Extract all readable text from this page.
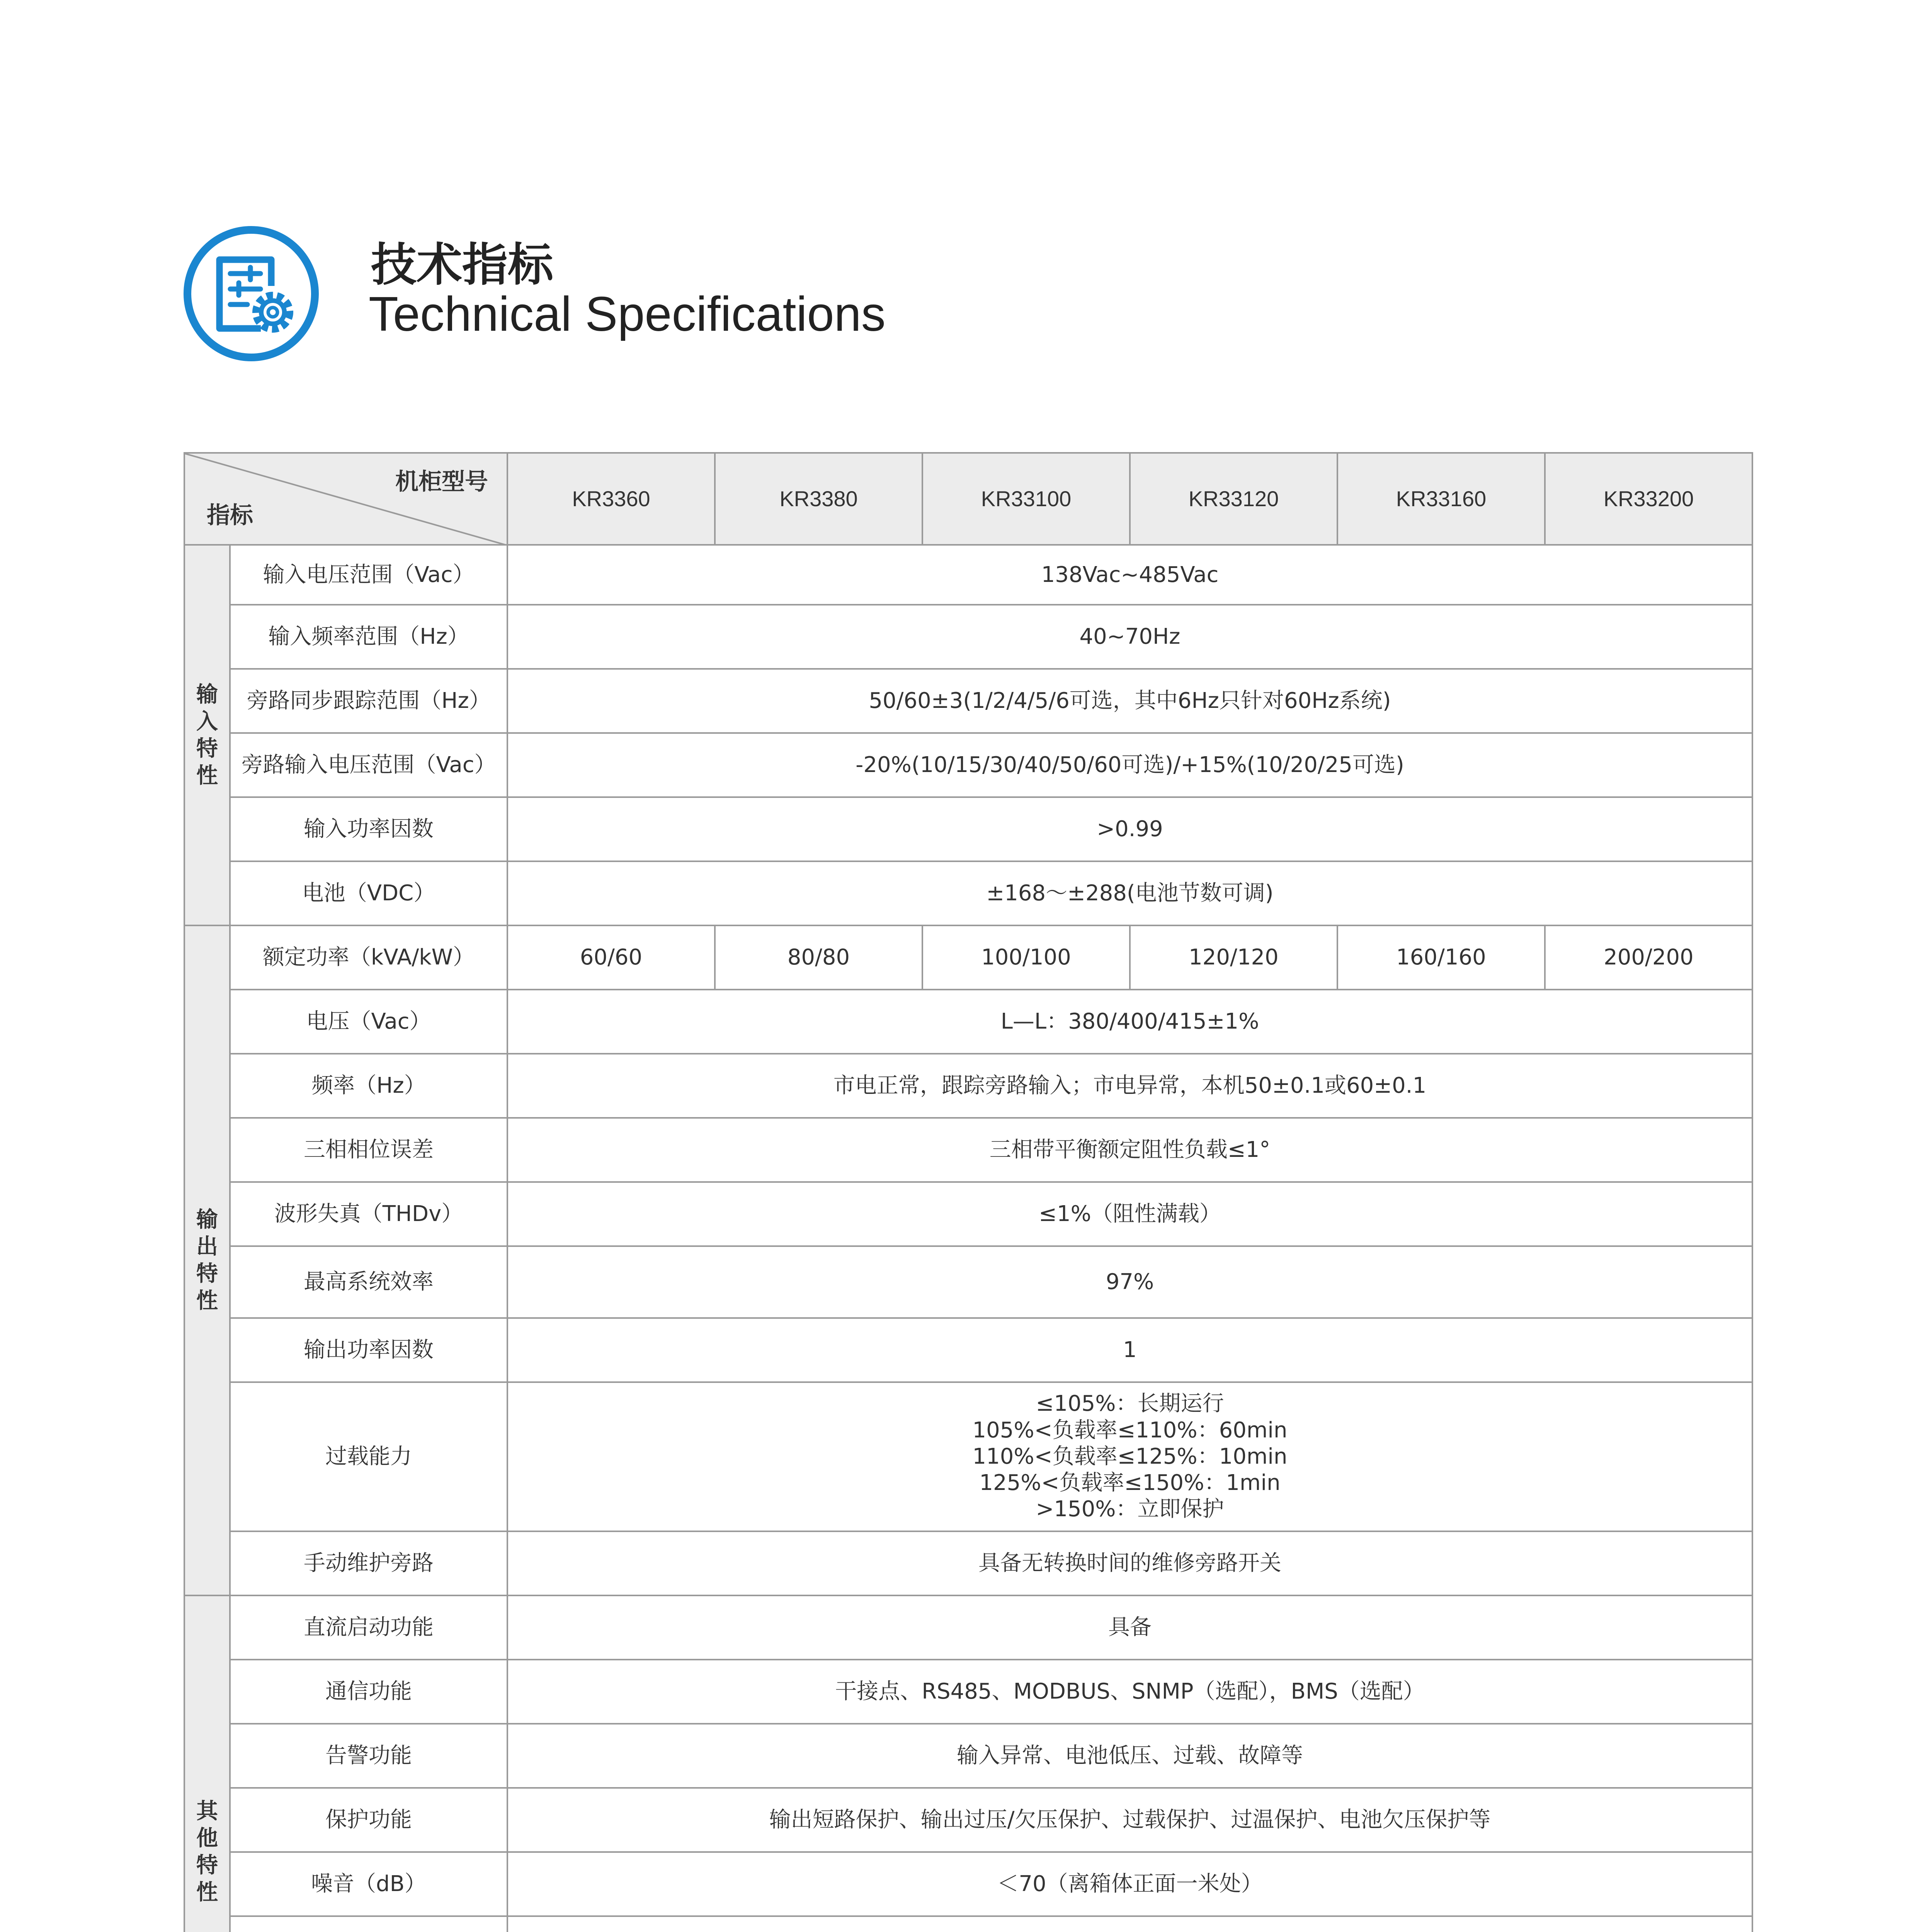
技术指标
Technical Specifications
机柜型号
指标		KR3360	KR3380	KR33100	KR33120	KR33160	KR33200

输
入
特
性	输入电压范围（Vac）	138Vac~485Vac					
	输入频率范围（Hz）	40~70Hz					
	旁路同步跟踪范围（Hz）	50/60±3(1/2/4/5/6可选，其中6Hz只针对60Hz系统)					
	旁路输入电压范围（Vac）	-20%(10/15/30/40/50/60可选)/+15%(10/20/25可选)					
	输入功率因数	>0.99					
	电池（VDC）	±168～±288(电池节数可调)					

输
出
特
性	额定功率（kVA/kW）	60/60	80/80	100/100	120/120	160/160	200/200
	电压（Vac）	L—L：380/400/415±1%					
	频率（Hz）	市电正常，跟踪旁路输入；市电异常，本机50±0.1或60±0.1					
	三相相位误差	三相带平衡额定阻性负载≤1°					
	波形失真（THDv）	≤1%（阻性满载）					
	最高系统效率	97%					
	输出功率因数	1					
	过载能力	≤105%：长期运行
105%<负载率≤110%：60min
110%<负载率≤125%：10min
125%<负载率≤150%：1min
>150%：立即保护					

	手动维护旁路	具备无转换时间的维修旁路开关					

其
他
特
性	直流启动功能	具备					
	通信功能	干接点、RS485、MODBUS、SNMP（选配），BMS（选配）					
	告警功能	输入异常、电池低压、过载、故障等					
	保护功能	输出短路保护、输出过压/欠压保护、过载保护、过温保护、电池欠压保护等					
	噪音（dB）	＜70（离箱体正面一米处）					
